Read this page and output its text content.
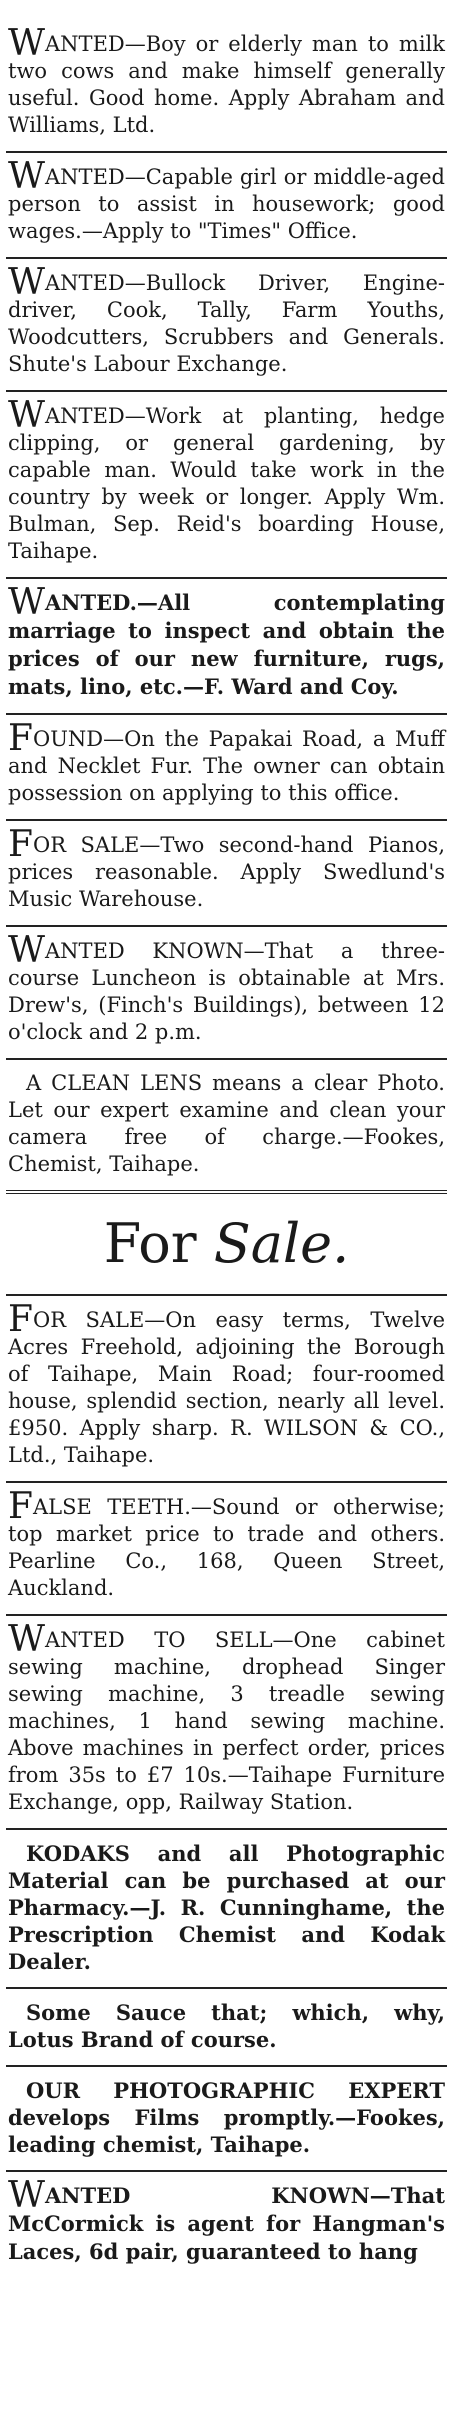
WANTED—Boy or elderly man to milk two cows and make himself generally useful. Good home. Apply Abraham and Williams, Ltd.
WANTED—Capable girl or middle-aged person to assist in housework; good wages.—Apply to "Times" Office.
WANTED—Bullock Driver, Engine-driver, Cook, Tally, Farm Youths, Woodcutters, Scrubbers and Generals. Shute's Labour Exchange.
WANTED—Work at planting, hedge clipping, or general gardening, by capable man. Would take work in the country by week or longer. Apply Wm. Bulman, Sep. Reid's boarding House, Taihape.
WANTED.—All contemplating marriage to inspect and obtain the prices of our new furniture, rugs, mats, lino, etc.—F. Ward and Coy.
FOUND—On the Papakai Road, a Muff and Necklet Fur. The owner can obtain possession on applying to this office.
FOR SALE—Two second-hand Pianos, prices reasonable. Apply Swedlund's Music Warehouse.
WANTED KNOWN—That a three-course Luncheon is obtainable at Mrs. Drew's, (Finch's Buildings), between 12 o'clock and 2 p.m.
A CLEAN LENS means a clear Photo. Let our expert examine and clean your camera free of charge.—Fookes, Chemist, Taihape.
For Sale.
FOR SALE—On easy terms, Twelve Acres Freehold, adjoining the Borough of Taihape, Main Road; four-roomed house, splendid section, nearly all level. £950. Apply sharp. R. WILSON & CO., Ltd., Taihape.
FALSE TEETH.—Sound or otherwise; top market price to trade and others. Pearline Co., 168, Queen Street, Auckland.
WANTED TO SELL—One cabinet sewing machine, drophead Singer sewing machine, 3 treadle sewing machines, 1 hand sewing machine. Above machines in perfect order, prices from 35s to £7 10s.—Taihape Furniture Exchange, opp, Railway Station.
KODAKS and all Photographic Material can be purchased at our Pharmacy.—J. R. Cunninghame, the Prescription Chemist and Kodak Dealer.
Some Sauce that; which, why, Lotus Brand of course.
OUR PHOTOGRAPHIC EXPERT develops Films promptly.—Fookes, leading chemist, Taihape.
WANTED KNOWN—That McCormick is agent for Hangman's Laces, 6d pair, guaranteed to hang
